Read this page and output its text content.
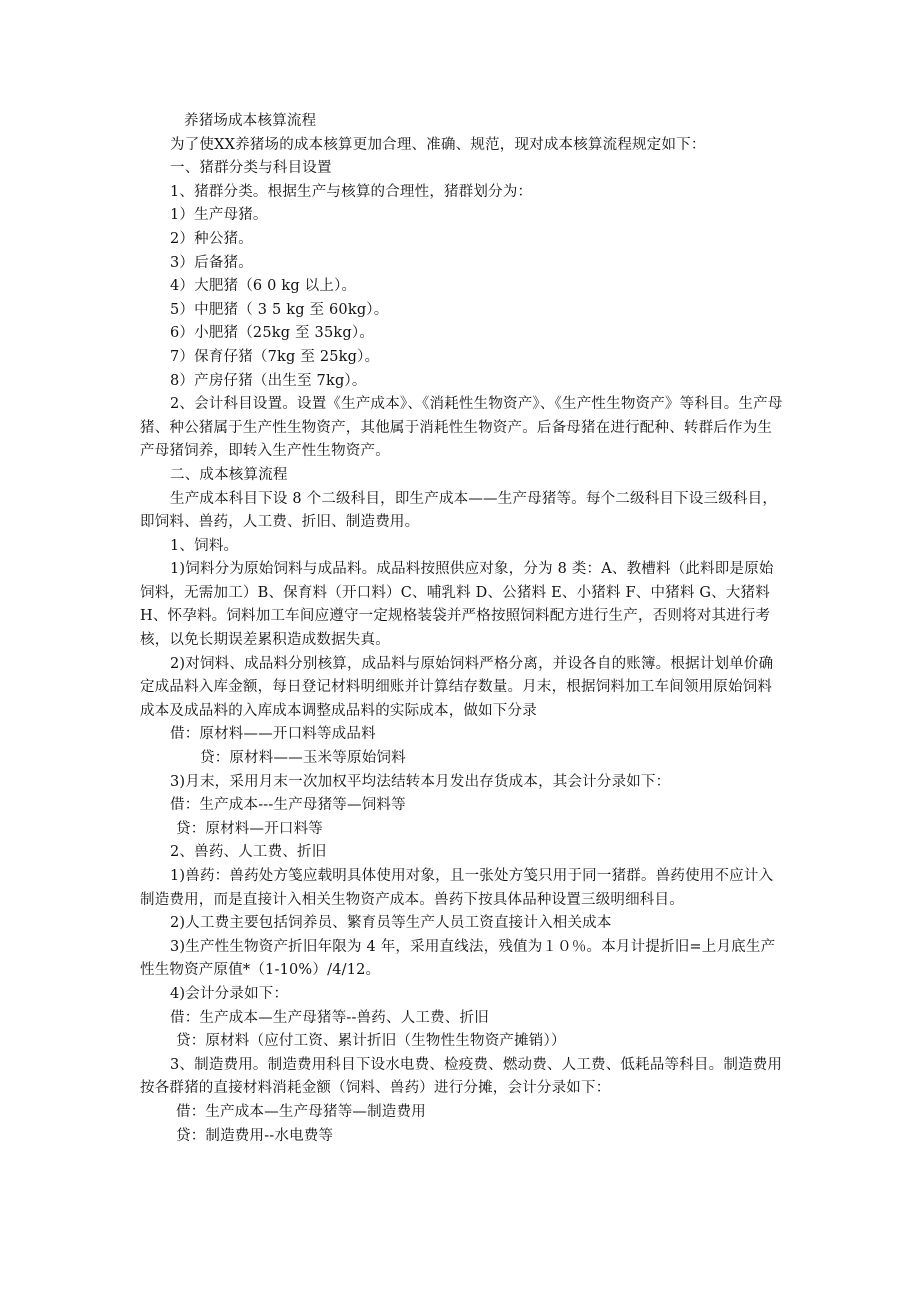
养猪场成本核算流程

为了使XX养猪场的成本核算更加合理、准确、规范，现对成本核算流程规定如下：

一、猪群分类与科目设置

1、猪群分类。根据生产与核算的合理性，猪群划分为：

1）生产母猪。

2）种公猪。

3）后备猪。

4）大肥猪（6 0 kg 以上）。

5）中肥猪（ 3 5 kg 至 60kg）。

6）小肥猪（25kg 至 35kg）。

7）保育仔猪（7kg 至 25kg）。

8）产房仔猪（出生至 7kg）。

2、会计科目设置。设置《生产成本》、《消耗性生物资产》、《生产性生物资产》等科目。生产母猪、种公猪属于生产性生物资产，其他属于消耗性生物资产。后备母猪在进行配种、转群后作为生产母猪饲养，即转入生产性生物资产。

二、成本核算流程

生产成本科目下设 8 个二级科目，即生产成本——生产母猪等。每个二级科目下设三级科目，即饲料、兽药，人工费、折旧、制造费用。

1、饲料。

1)饲料分为原始饲料与成品料。成品料按照供应对象，分为 8 类：A、教槽料（此料即是原始饲料，无需加工）B、保育料（开口料）C、哺乳料 D、公猪料 E、小猪料 F、中猪料 G、大猪料 H、怀孕料。饲料加工车间应遵守一定规格装袋并严格按照饲料配方进行生产，否则将对其进行考核，以免长期误差累积造成数据失真。

2)对饲料、成品料分别核算，成品料与原始饲料严格分离，并设各自的账簿。根据计划单价确定成品料入库金额，每日登记材料明细账并计算结存数量。月末，根据饲料加工车间领用原始饲料成本及成品料的入库成本调整成品料的实际成本，做如下分录

借：原材料——开口料等成品料

贷：原材料——玉米等原始饲料

3)月末，采用月末一次加权平均法结转本月发出存货成本，其会计分录如下：

借：生产成本---生产母猪等—饲料等

贷：原材料—开口料等

2、兽药、人工费、折旧

1)兽药：兽药处方笺应载明具体使用对象，且一张处方笺只用于同一猪群。兽药使用不应计入制造费用，而是直接计入相关生物资产成本。兽药下按具体品种设置三级明细科目。

2)人工费主要包括饲养员、繁育员等生产人员工资直接计入相关成本

3)生产性生物资产折旧年限为 4 年，采用直线法，残值为１０％。本月计提折旧=上月底生产性生物资产原值*（1-10%）/4/12。

4)会计分录如下：

借：生产成本—生产母猪等--兽药、人工费、折旧

贷：原材料（应付工资、累计折旧（生物性生物资产摊销））

3、制造费用。制造费用科目下设水电费、检疫费、燃动费、人工费、低耗品等科目。制造费用按各群猪的直接材料消耗金额（饲料、兽药）进行分摊，会计分录如下：

借：生产成本—生产母猪等—制造费用

贷：制造费用--水电费等
